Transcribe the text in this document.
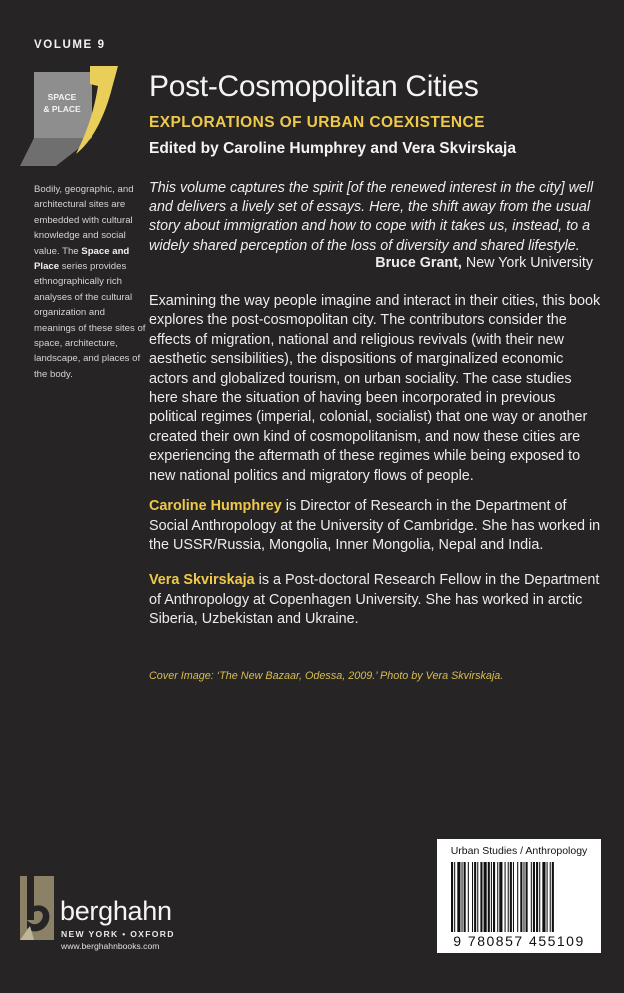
VOLUME 9
SPACE
& PLACE
Post-Cosmopolitan Cities
EXPLORATIONS OF URBAN COEXISTENCE
Edited by Caroline Humphrey and Vera Skvirskaja
Bodily, geographic, and architectural sites are embedded with cultural knowledge and social value. The Space and Place series provides ethnographically rich analyses of the cultural organization and meanings of these sites of space, architecture, landscape, and places of the body.
This volume captures the spirit [of the renewed interest in the city] well and delivers a lively set of essays. Here, the shift away from the usual story about immigration and how to cope with it takes us, instead, to a widely shared perception of the loss of diversity and shared lifestyle.
Bruce Grant, New York University
Examining the way people imagine and interact in their cities, this book explores the post-cosmopolitan city. The contributors consider the effects of migration, national and religious revivals (with their new aesthetic sensibilities), the dispositions of marginalized economic actors and globalized tourism, on urban sociality. The case studies here share the situation of having been incorporated in previous political regimes (imperial, colonial, socialist) that one way or another created their own kind of cosmopolitanism, and now these cities are experiencing the aftermath of these regimes while being exposed to new national politics and migratory flows of people.
Caroline Humphrey is Director of Research in the Department of Social Anthropology at the University of Cambridge. She has worked in the USSR/Russia, Mongolia, Inner Mongolia, Nepal and India.
Vera Skvirskaja is a Post-doctoral Research Fellow in the Department of Anthropology at Copenhagen University. She has worked in arctic Siberia, Uzbekistan and Ukraine.
Cover Image: ‘The New Bazaar, Odessa, 2009.’ Photo by Vera Skvirskaja.
Urban Studies / Anthropology
9 780857 455109
berghahn
NEW YORK • OXFORD
www.berghahnbooks.com
